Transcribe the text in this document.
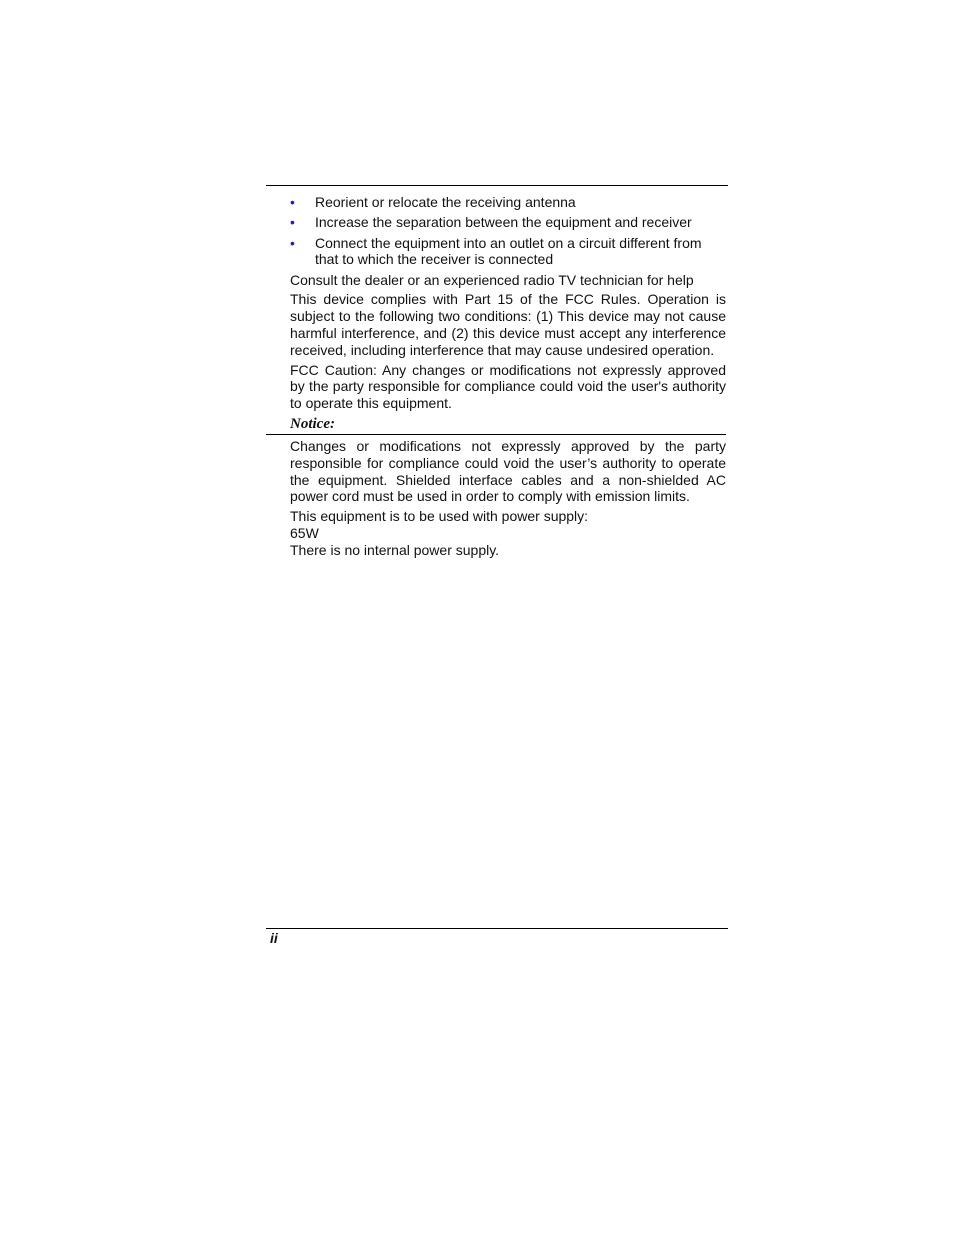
• Reorient or relocate the receiving antenna
• Increase the separation between the equipment and receiver
• Connect the equipment into an outlet on a circuit different from that to which the receiver is connected

Consult the dealer or an experienced radio TV technician for help

This device complies with Part 15 of the FCC Rules. Operation is subject to the following two conditions: (1) This device may not cause harmful interference, and (2) this device must accept any interference received, including interference that may cause undesired operation.

FCC Caution: Any changes or modifications not expressly approved by the party responsible for compliance could void the user's authority to operate this equipment.

Notice:

Changes or modifications not expressly approved by the party responsible for compliance could void the user’s authority to operate the equipment. Shielded interface cables and a non-shielded AC power cord must be used in order to comply with emission limits.

This equipment is to be used with power supply:

65W

There is no internal power supply.

ii
